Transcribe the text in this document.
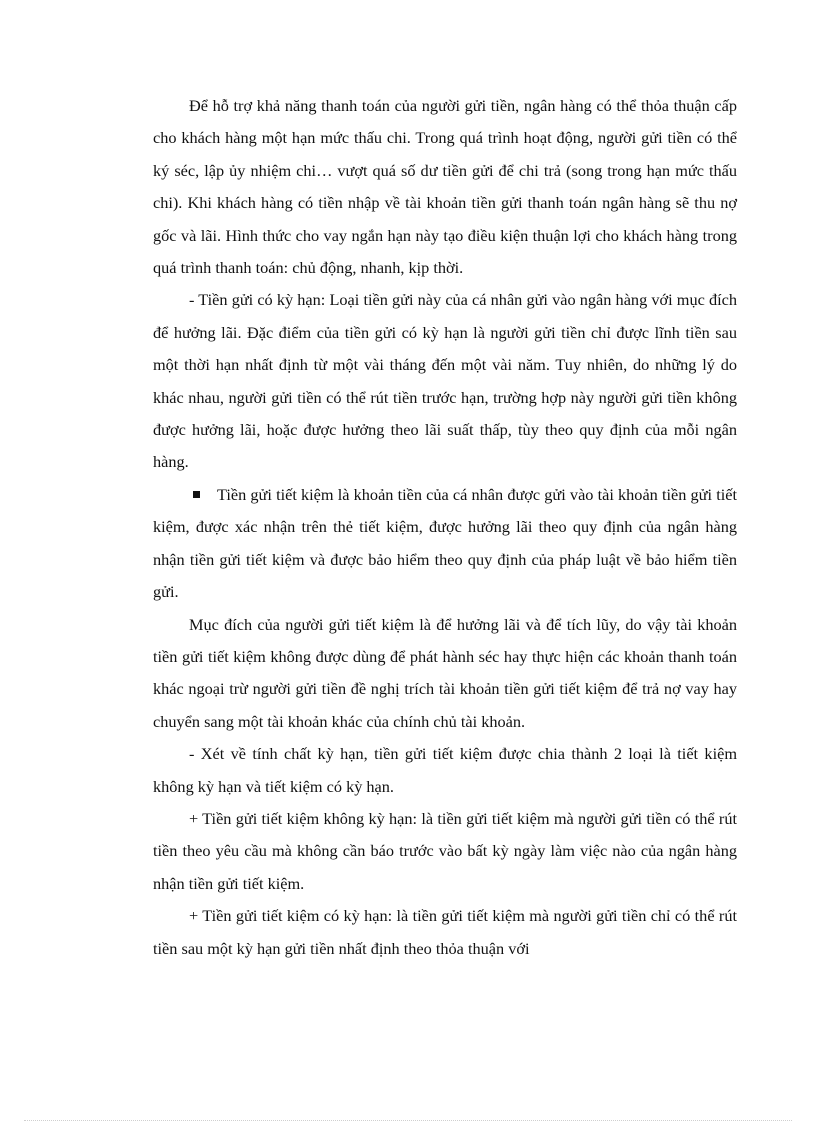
Để hỗ trợ khả năng thanh toán của người gửi tiền, ngân hàng có thể thỏa thuận cấp cho khách hàng một hạn mức thấu chi. Trong quá trình hoạt động, người gửi tiền có thể ký séc, lập ủy nhiệm chi… vượt quá số dư tiền gửi để chi trả (song trong hạn mức thấu chi). Khi khách hàng có tiền nhập về tài khoản tiền gửi thanh toán ngân hàng sẽ thu nợ gốc và lãi. Hình thức cho vay ngắn hạn này tạo điều kiện thuận lợi cho khách hàng trong quá trình thanh toán: chủ động, nhanh, kịp thời.

- Tiền gửi có kỳ hạn: Loại tiền gửi này của cá nhân gửi vào ngân hàng với mục đích để hưởng lãi. Đặc điểm của tiền gửi có kỳ hạn là người gửi tiền chỉ được lĩnh tiền sau một thời hạn nhất định từ một vài tháng đến một vài năm. Tuy nhiên, do những lý do khác nhau, người gửi tiền có thể rút tiền trước hạn, trường hợp này người gửi tiền không được hưởng lãi, hoặc được hưởng theo lãi suất thấp, tùy theo quy định của mỗi ngân hàng.

Tiền gửi tiết kiệm là khoản tiền của cá nhân được gửi vào tài khoản tiền gửi tiết kiệm, được xác nhận trên thẻ tiết kiệm, được hưởng lãi theo quy định của ngân hàng nhận tiền gửi tiết kiệm và được bảo hiểm theo quy định của pháp luật về bảo hiểm tiền gửi.

Mục đích của người gửi tiết kiệm là để hưởng lãi và để tích lũy, do vậy tài khoản tiền gửi tiết kiệm không được dùng để phát hành séc hay thực hiện các khoản thanh toán khác ngoại trừ người gửi tiền đề nghị trích tài khoản tiền gửi tiết kiệm để trả nợ vay hay chuyển sang một tài khoản khác của chính chủ tài khoản.

- Xét về tính chất kỳ hạn, tiền gửi tiết kiệm được chia thành 2 loại là tiết kiệm không kỳ hạn và tiết kiệm có kỳ hạn.

+ Tiền gửi tiết kiệm không kỳ hạn: là tiền gửi tiết kiệm mà người gửi tiền có thể rút tiền theo yêu cầu mà không cần báo trước vào bất kỳ ngày làm việc nào của ngân hàng nhận tiền gửi tiết kiệm.

+ Tiền gửi tiết kiệm có kỳ hạn: là tiền gửi tiết kiệm mà người gửi tiền chỉ có thể rút tiền sau một kỳ hạn gửi tiền nhất định theo thỏa thuận với
